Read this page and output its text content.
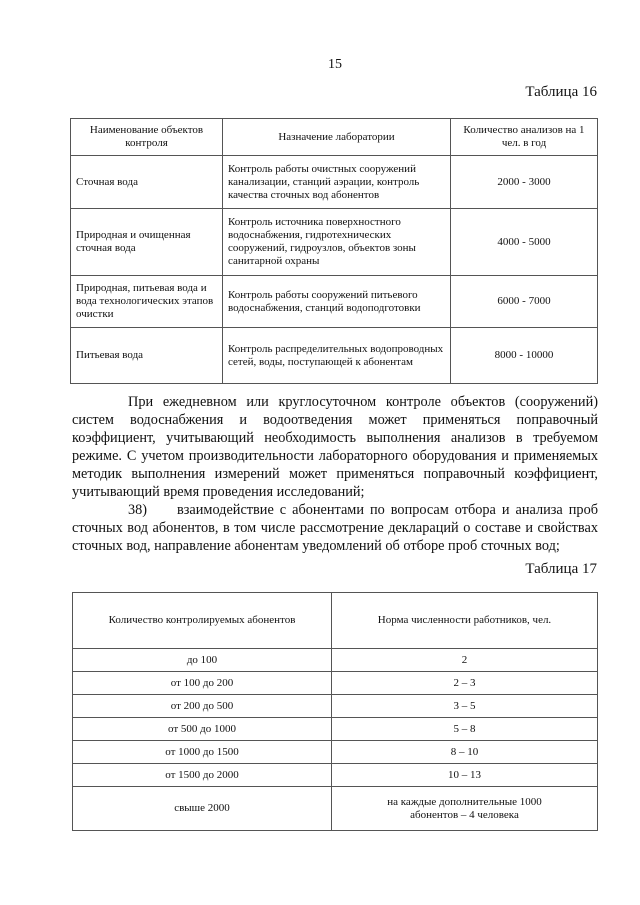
15
Таблица 16
Наименование объектов контроля	Назначение лаборатории	Количество анализов на 1 чел. в год
Сточная вода	Контроль работы очистных сооружений канализации, станций аэрации, контроль качества сточных вод абонентов	2000 - 3000
Природная и очищенная сточная вода	Контроль источника поверхностного водоснабжения, гидротехнических сооружений, гидроузлов, объектов зоны санитарной охраны	4000 - 5000
Природная, питьевая вода и вода технологических этапов очистки	Контроль работы сооружений питьевого водоснабжения, станций водоподготовки	6000 - 7000
Питьевая вода	Контроль распределительных водопроводных сетей, воды, поступающей к абонентам	8000 - 10000

При ежедневном или круглосуточном контроле объектов (сооружений) систем водоснабжения и водоотведения может применяться поправочный коэффициент, учитывающий необходимость выполнения анализов в требуемом режиме. С учетом производительности лабораторного оборудования и применяемых методик выполнения измерений может применяться поправочный коэффициент, учитывающий время проведения исследований;

38)     взаимодействие с абонентами по вопросам отбора и анализа проб сточных вод абонентов, в том числе рассмотрение деклараций о составе и свойствах сточных вод, направление абонентам уведомлений об отборе проб сточных вод;

Таблица 17
Количество контролируемых абонентов	Норма численности работников, чел.
до 100	2
от 100 до 200	2 – 3
от 200 до 500	3 – 5
от 500 до 1000	5 – 8
от 1000 до 1500	8 – 10
от 1500 до 2000	10 – 13
свыше 2000	на каждые дополнительные 1000 абонентов – 4 человека
